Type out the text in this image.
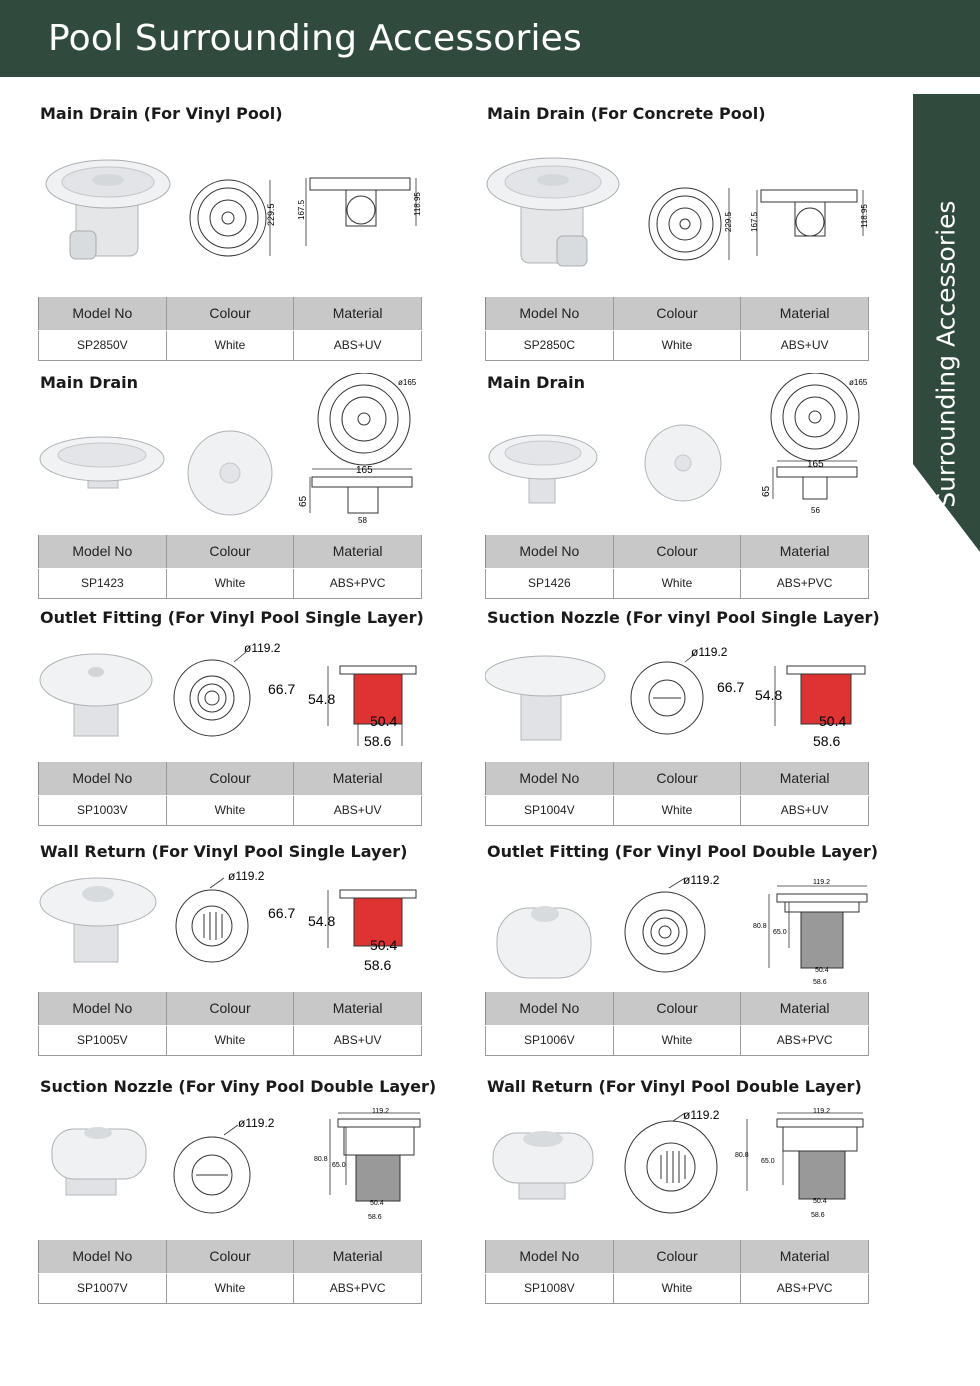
Pool Surrounding Accessories
Pool Surrounding Accessories
Main Drain (For Vinyl Pool)
229.5	167.5	118.95
Model No	Colour	Material
SP2850V	White	ABS+UV
Main Drain (For Concrete Pool)
229.5 167.5	118.95
Model No	Colour	Material
SP2850C	White	ABS+UV
Main Drain	ø165
165
65
58
Model No	Colour	Material
SP1423	White	ABS+PVC
Main Drain	ø165
165
65
56
Model No	Colour	Material
SP1426	White	ABS+PVC
Outlet Fitting (For Vinyl Pool Single Layer)
ø119.2
66.7
54.8
50.4
58.6
Model No	Colour	Material
SP1003V	White	ABS+UV
Suction Nozzle (For vinyl Pool Single Layer)
ø119.2
66.7 54.8
50.4
58.6
Model No	Colour	Material
SP1004V	White	ABS+UV
Wall Return (For Vinyl Pool Single Layer)
ø119.2
66.7 54.8
50.4
58.6
Model No	Colour	Material
SP1005V	White	ABS+UV
Outlet Fitting (For Vinyl Pool Double Layer)
ø119.2	119.2
80.8
65.0
50.4
58.6
Model No	Colour	Material
SP1006V	White	ABS+PVC
Suction Nozzle (For Viny Pool Double Layer)
ø119.2
119.2
80.8
65.0
50.4
58.6
Model No	Colour	Material
SP1007V	White	ABS+PVC
Wall Return (For Vinyl Pool Double Layer)
ø119.2	119.2
80.8
65.0
50.4
58.6
Model No	Colour	Material
SP1008V	White	ABS+PVC
